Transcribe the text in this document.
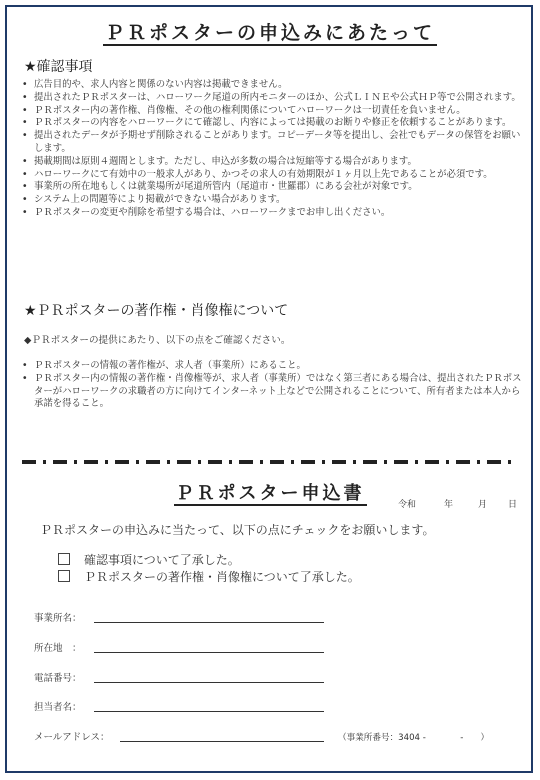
ＰＲポスターの申込みにあたって
★確認事項
• 広告目的や、求人内容と関係のない内容は掲載できません。
• 提出されたＰＲポスターは、ハローワーク尾道の所内モニターのほか、公式ＬＩＮＥや公式ＨＰ等で公開されます。
• ＰＲポスター内の著作権、肖像権、その他の権利関係についてハローワークは一切責任を負いません。
• ＰＲポスターの内容をハローワークにて確認し、内容によっては掲載のお断りや修正を依頼することがあります。
• 提出されたデータが予期せず削除されることがあります。コピーデータ等を提出し、会社でもデータの保管をお願いします。
• 掲載期間は原則４週間とします。ただし、申込が多数の場合は短縮等する場合があります。
• ハローワークにて有効中の一般求人があり、かつその求人の有効期限が１ヶ月以上先であることが必須です。
• 事業所の所在地もしくは就業場所が尾道所管内（尾道市・世羅郡）にある会社が対象です。
• システム上の問題等により掲載ができない場合があります。
• ＰＲポスターの変更や削除を希望する場合は、ハローワークまでお申し出ください。
★ＰＲポスターの著作権・肖像権について
◆ＰＲポスターの提供にあたり、以下の点をご確認ください。
• ＰＲポスターの情報の著作権が、求人者（事業所）にあること。
• ＰＲポスター内の情報の著作権・肖像権等が、求人者（事業所）ではなく第三者にある場合は、提出されたＰＲポスターがハローワークの求職者の方に向けてインターネット上などで公開されることについて、所有者または本人から承諾を得ること。
ＰＲポスター申込書
令和	年	月 日
ＰＲポスターの申込みに当たって、以下の点にチェックをお願いします。
確認事項について了承した。
ＰＲポスターの著作権・肖像権について了承した。
事業所名：
所在地　：
電話番号：
担当者名：
メールアドレス：	（事業所番号：3404 -　　　　-　　）
